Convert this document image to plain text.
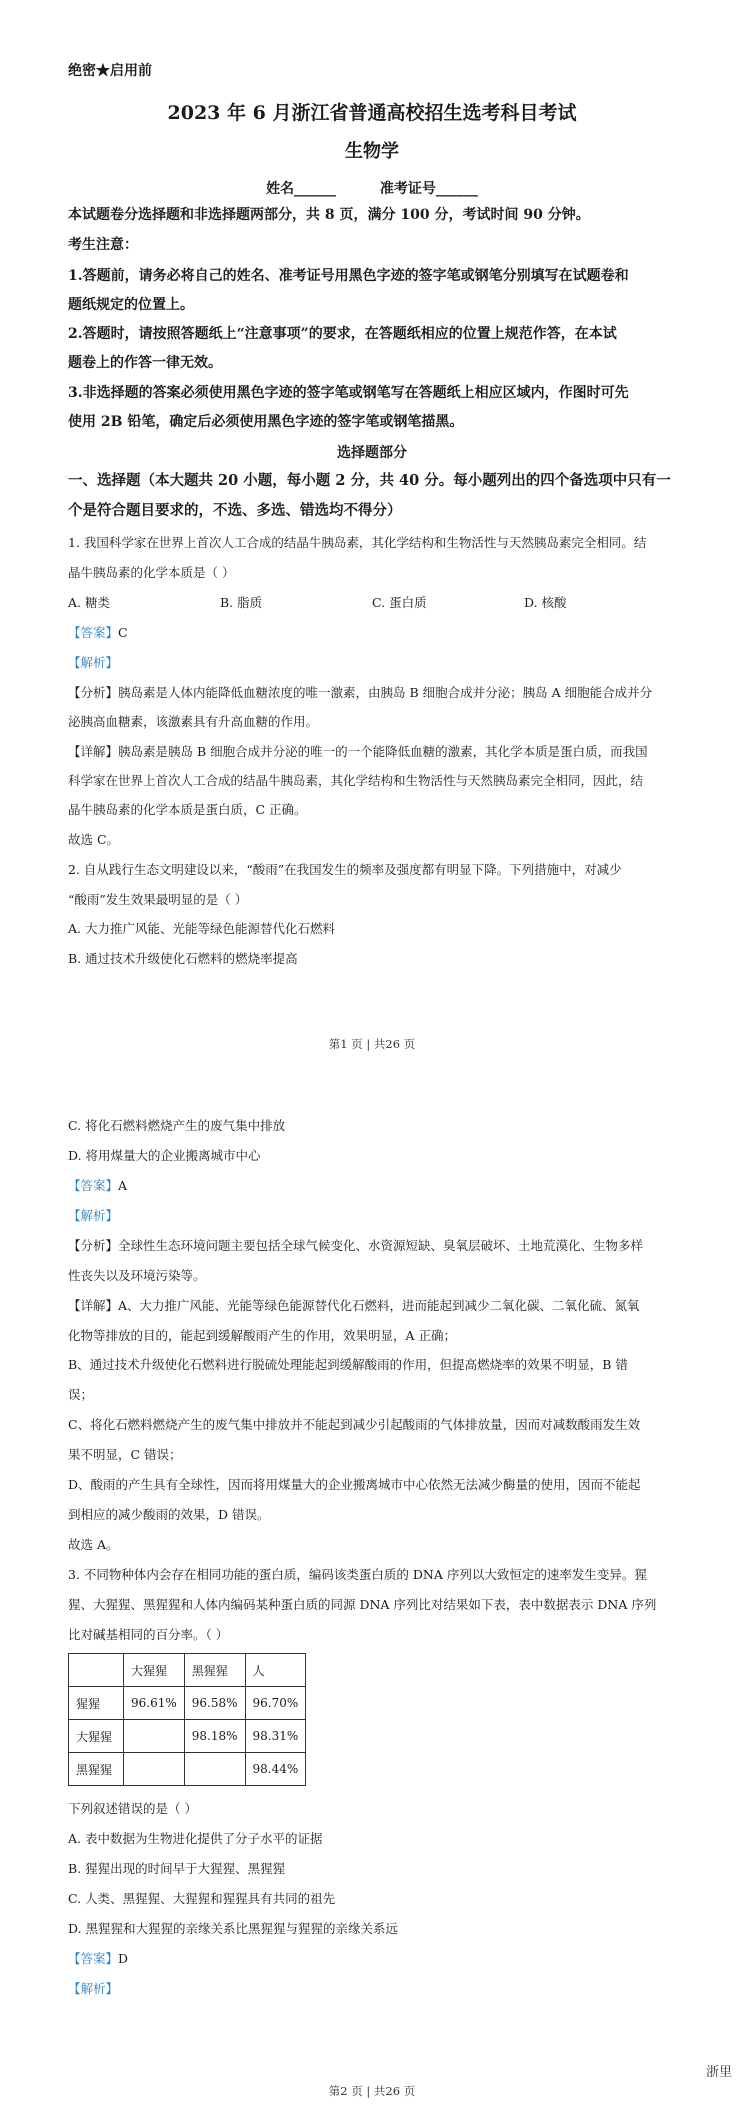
绝密★启用前
2023 年 6 月浙江省普通高校招生选考科目考试
生物学
姓名______         准考证号______
本试题卷分选择题和非选择题两部分，共 8 页，满分 100 分，考试时间 90 分钟。
考生注意：
1.答题前，请务必将自己的姓名、准考证号用黑色字迹的签字笔或钢笔分别填写在试题卷和
题纸规定的位置上。
2.答题时，请按照答题纸上“注意事项”的要求，在答题纸相应的位置上规范作答，在本试
题卷上的作答一律无效。
3.非选择题的答案必须使用黑色字迹的签字笔或钢笔写在答题纸上相应区域内，作图时可先
使用 2B 铅笔，确定后必须使用黑色字迹的签字笔或钢笔描黑。
选择题部分
一、选择题（本大题共 20 小题，每小题 2 分，共 40 分。每小题列出的四个备选项中只有一
个是符合题目要求的，不选、多选、错选均不得分）
1. 我国科学家在世界上首次人工合成的结晶牛胰岛素，其化学结构和生物活性与天然胰岛素完全相同。结
晶牛胰岛素的化学本质是（ ）
A. 糖类	B. 脂质	C. 蛋白质	D. 核酸
【答案】C
【解析】
【分析】胰岛素是人体内能降低血糖浓度的唯一激素，由胰岛 B 细胞合成并分泌；胰岛 A 细胞能合成并分
泌胰高血糖素，该激素具有升高血糖的作用。
【详解】胰岛素是胰岛 B 细胞合成并分泌的唯一的一个能降低血糖的激素，其化学本质是蛋白质，而我国
科学家在世界上首次人工合成的结晶牛胰岛素，其化学结构和生物活性与天然胰岛素完全相同，因此，结
晶牛胰岛素的化学本质是蛋白质，C 正确。
故选 C。
2. 自从践行生态文明建设以来，“酸雨”在我国发生的频率及强度都有明显下降。下列措施中，对减少
“酸雨”发生效果最明显的是（ ）
A. 大力推广风能、光能等绿色能源替代化石燃料
B. 通过技术升级使化石燃料的燃烧率提高
第1 页 | 共26 页
C. 将化石燃料燃烧产生的废气集中排放
D. 将用煤量大的企业搬离城市中心
【答案】A
【解析】
【分析】全球性生态环境问题主要包括全球气候变化、水资源短缺、臭氧层破坏、土地荒漠化、生物多样
性丧失以及环境污染等。
【详解】A、大力推广风能、光能等绿色能源替代化石燃料，进而能起到减少二氧化碳、二氧化硫、氮氧
化物等排放的目的，能起到缓解酸雨产生的作用，效果明显，A 正确；
B、通过技术升级使化石燃料进行脱硫处理能起到缓解酸雨的作用，但提高燃烧率的效果不明显，B 错
误；
C、将化石燃料燃烧产生的废气集中排放并不能起到减少引起酸雨的气体排放量，因而对减数酸雨发生效
果不明显，C 错误；
D、酸雨的产生具有全球性，因而将用煤量大的企业搬离城市中心依然无法减少酶量的使用，因而不能起
到相应的减少酸雨的效果，D 错误。
故选 A。
3. 不同物种体内会存在相同功能的蛋白质，编码该类蛋白质的 DNA 序列以大致恒定的速率发生变异。猩
猩、大猩猩、黑猩猩和人体内编码某种蛋白质的同源 DNA 序列比对结果如下表，表中数据表示 DNA 序列
比对碱基相同的百分率。（ ）
	大猩猩	黑猩猩	人
猩猩	96.61%	96.58%	96.70%
大猩猩		98.18%	98.31%
黑猩猩			98.44%
下列叙述错误的是（ ）
A. 表中数据为生物进化提供了分子水平的证据
B. 猩猩出现的时间早于大猩猩、黑猩猩
C. 人类、黑猩猩、大猩猩和猩猩具有共同的祖先
D. 黑猩猩和大猩猩的亲缘关系比黑猩猩与猩猩的亲缘关系远
【答案】D
【解析】
浙里
第2 页 | 共26 页
